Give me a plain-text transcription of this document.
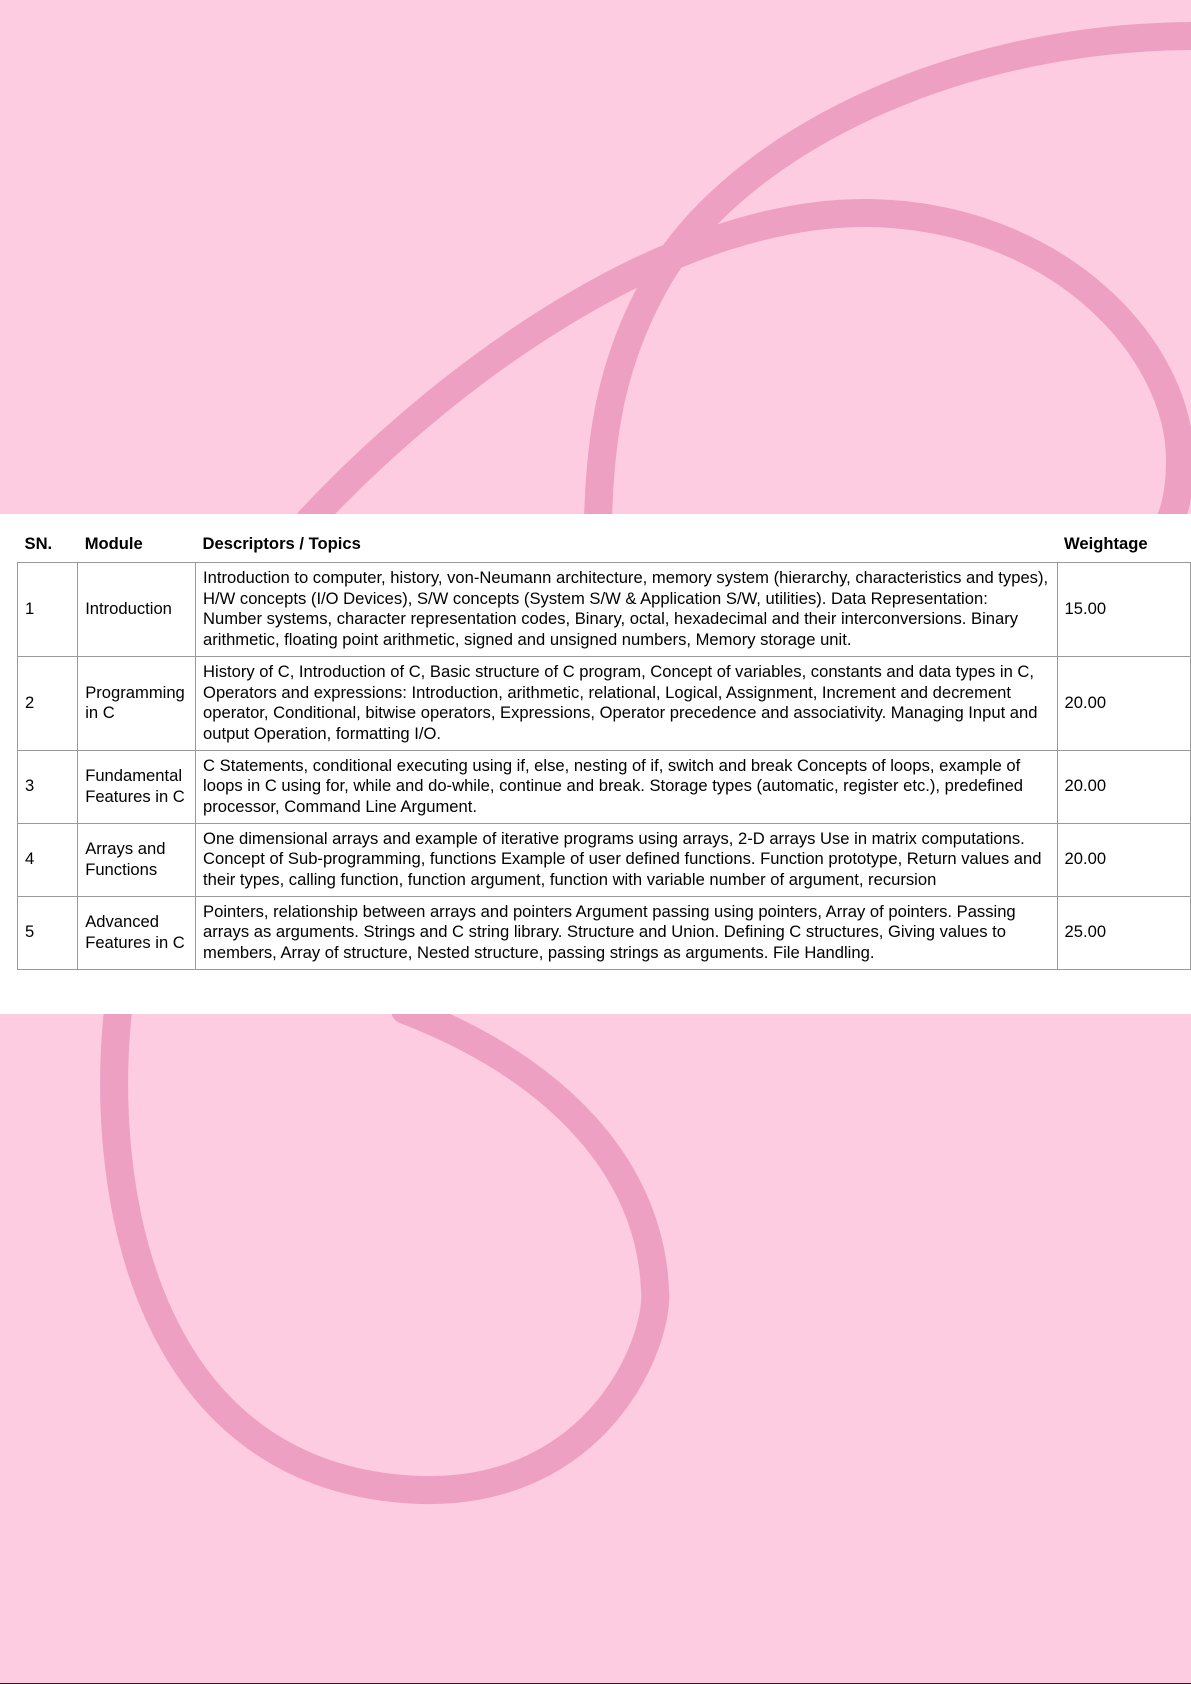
SN.	Module	Descriptors / Topics	Weightage
1	Introduction	Introduction to computer, history, von-Neumann architecture, memory system (hierarchy, characteristics and types), H/W concepts (I/O Devices), S/W concepts (System S/W & Application S/W, utilities). Data Representation: Number systems, character representation codes, Binary, octal, hexadecimal and their interconversions. Binary arithmetic, floating point arithmetic, signed and unsigned numbers, Memory storage unit.	15.00
2	Programming in C	History of C, Introduction of C, Basic structure of C program, Concept of variables, constants and data types in C, Operators and expressions: Introduction, arithmetic, relational, Logical, Assignment, Increment and decrement operator, Conditional, bitwise operators, Expressions, Operator precedence and associativity. Managing Input and output Operation, formatting I/O.	20.00
3	Fundamental Features in C	C Statements, conditional executing using if, else, nesting of if, switch and break Concepts of loops, example of loops in C using for, while and do-while, continue and break. Storage types (automatic, register etc.), predefined processor, Command Line Argument.	20.00
4	Arrays and Functions	One dimensional arrays and example of iterative programs using arrays, 2-D arrays Use in matrix computations. Concept of Sub-programming, functions Example of user defined functions. Function prototype, Return values and their types, calling function, function argument, function with variable number of argument, recursion	20.00
5	Advanced Features in C	Pointers, relationship between arrays and pointers Argument passing using pointers, Array of pointers. Passing arrays as arguments. Strings and C string library. Structure and Union. Defining C structures, Giving values to members, Array of structure, Nested structure, passing strings as arguments. File Handling.	25.00
